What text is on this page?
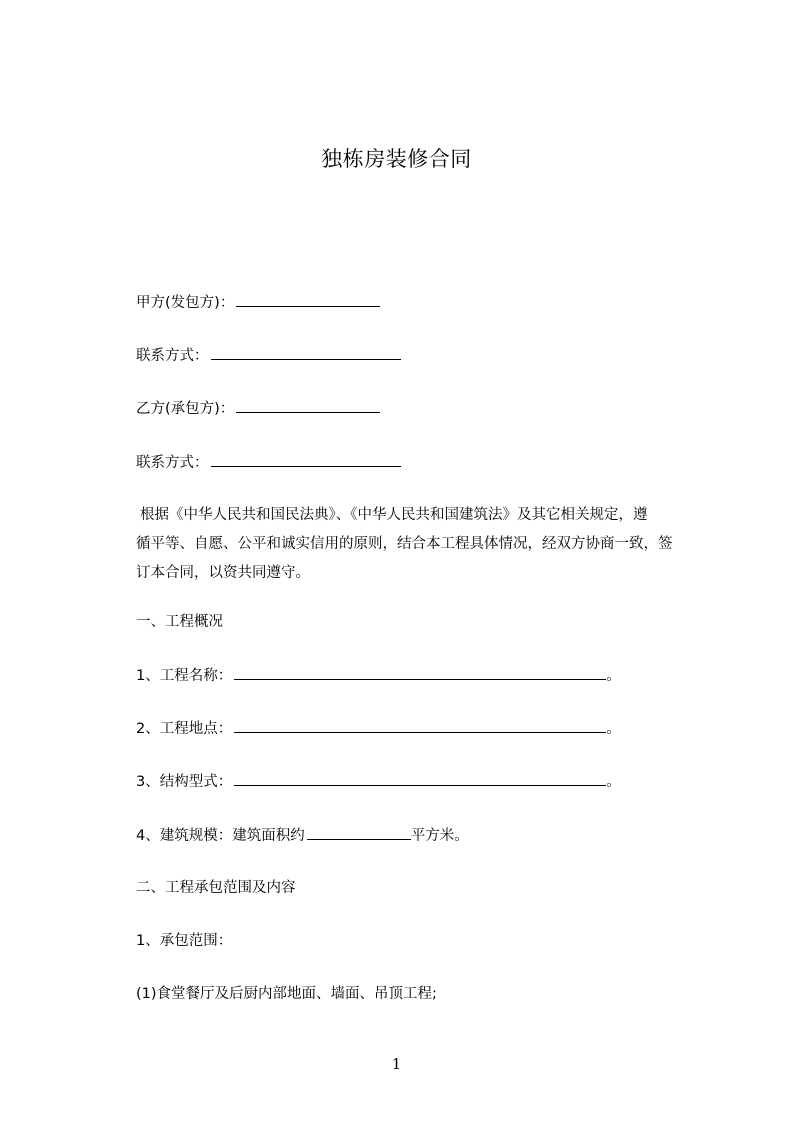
独栋房装修合同
甲方(发包方)：
联系方式：
乙方(承包方)：
联系方式：
根据《中华人民共和国民法典》、《中华人民共和国建筑法》及其它相关规定，遵
循平等、自愿、公平和诚实信用的原则，结合本工程具体情况，经双方协商一致，签
订本合同，以资共同遵守。
一、工程概况
1、工程名称：	。
2、工程地点：	。
3、结构型式：	。
4、建筑规模：建筑面积约	平方米。
二、工程承包范围及内容
1、承包范围：
(1)食堂餐厅及后厨内部地面、墙面、吊顶工程;
1
